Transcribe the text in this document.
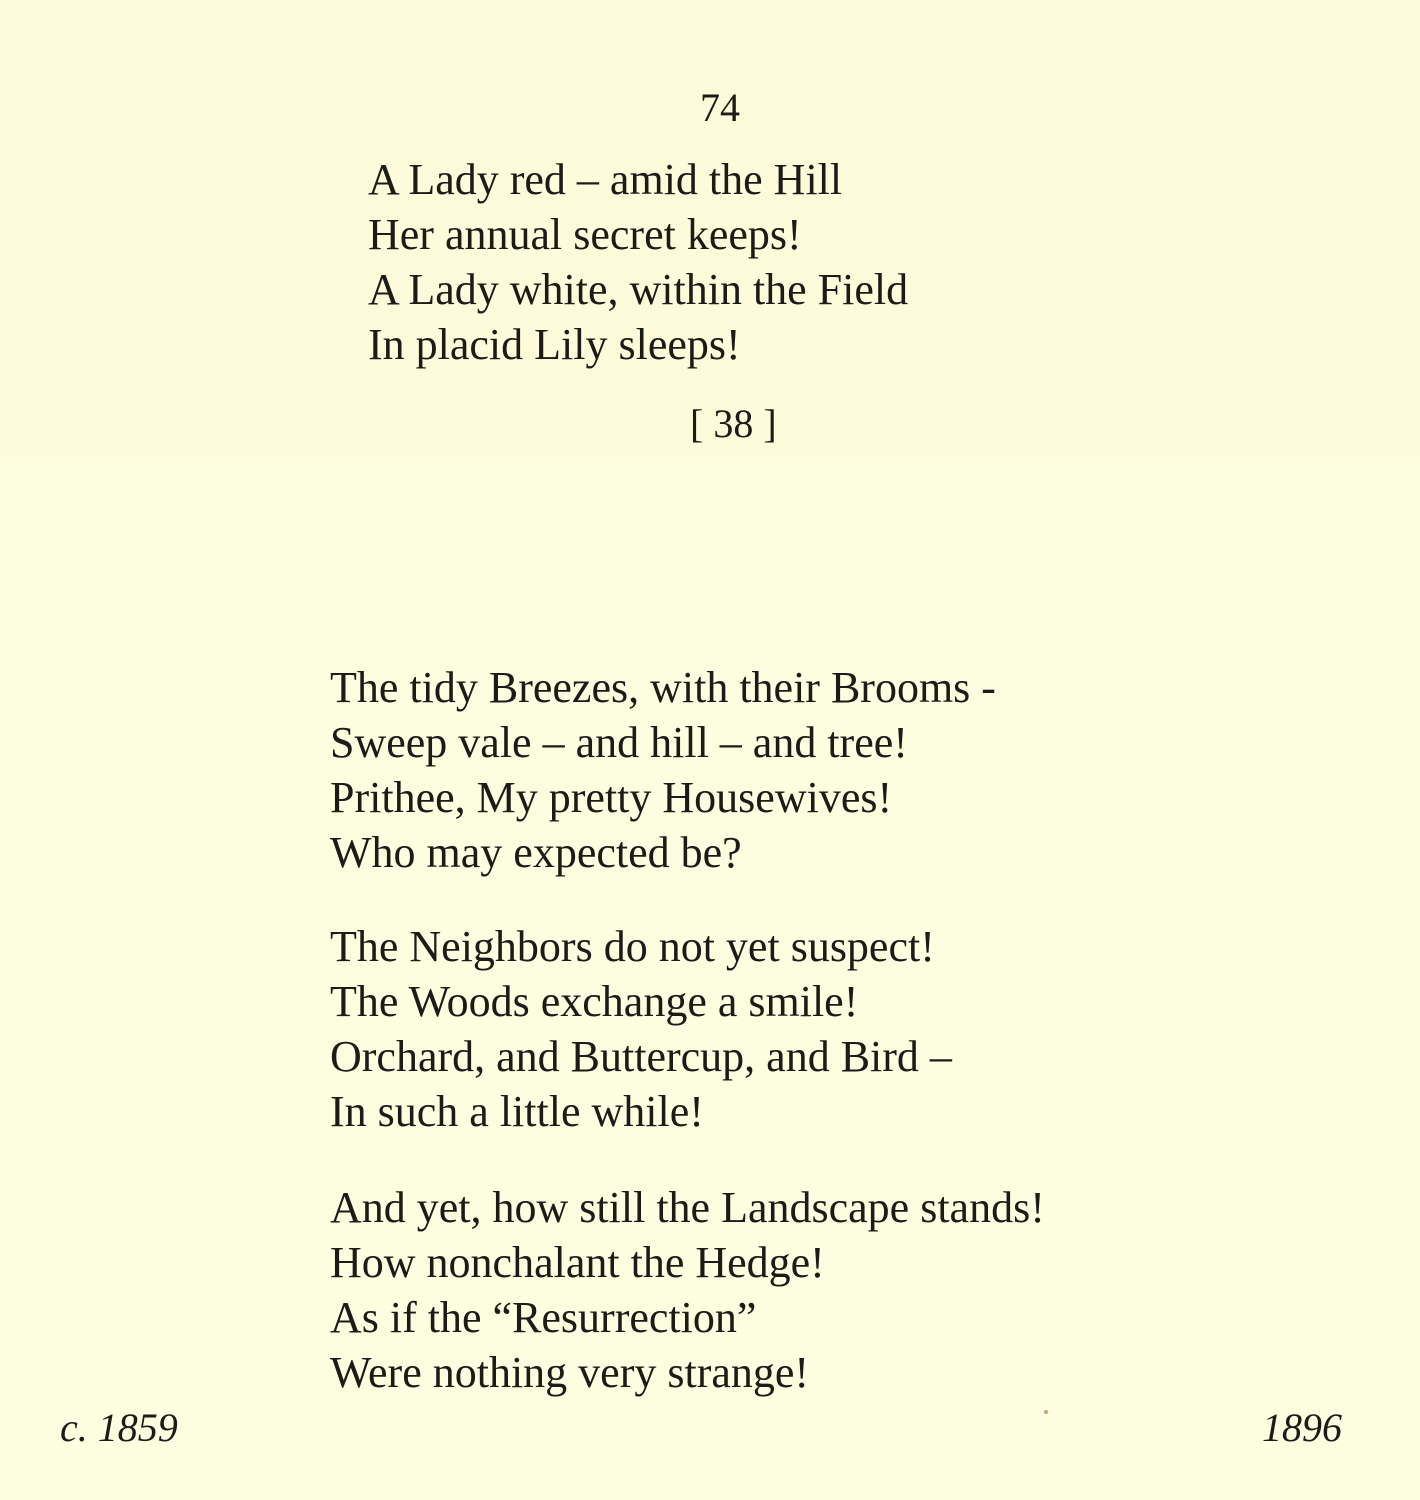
74
A Lady red – amid the Hill
Her annual secret keeps!
A Lady white, within the Field
In placid Lily sleeps!
[ 38 ]
The tidy Breezes, with their Brooms -
Sweep vale – and hill – and tree!
Prithee, My pretty Housewives!
Who may expected be?
The Neighbors do not yet suspect!
The Woods exchange a smile!
Orchard, and Buttercup, and Bird –
In such a little while!
And yet, how still the Landscape stands!
How nonchalant the Hedge!
As if the “Resurrection”
Were nothing very strange!
c. 1859	1896
